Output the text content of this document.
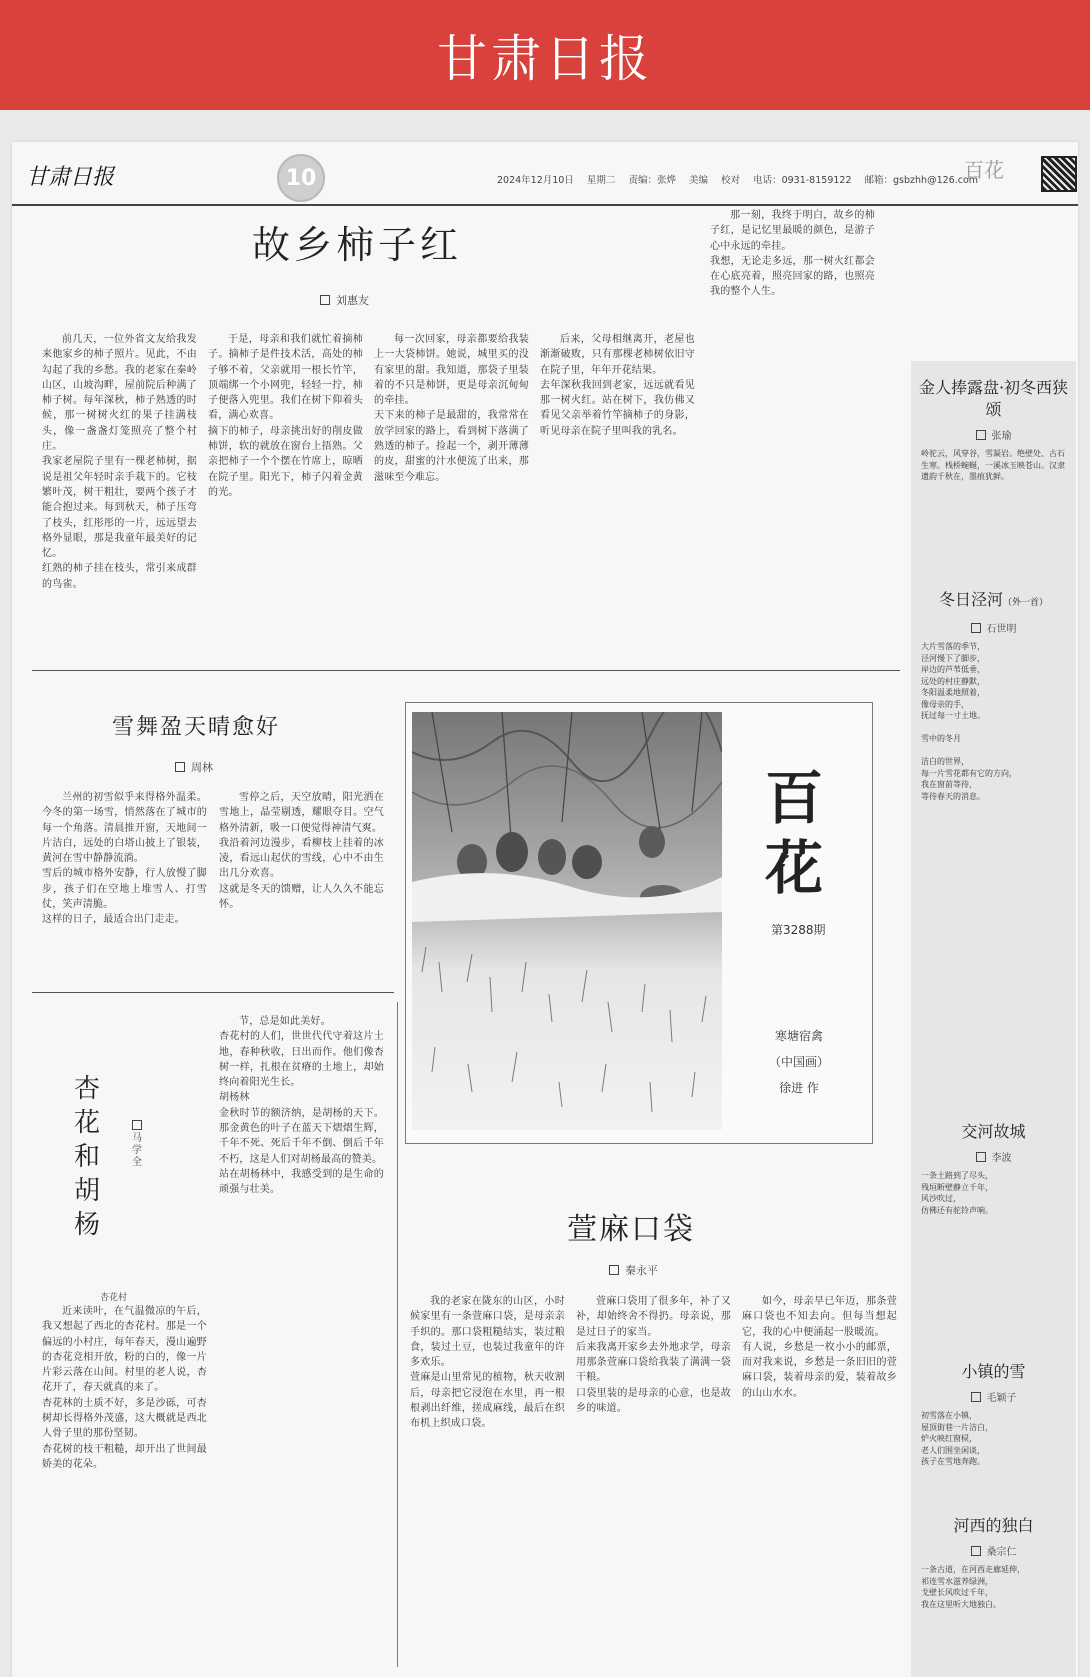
甘肃日报
甘肃日报	10	2024年12月10日 星期二 责编：张烨 美编 校对 电话：0931-8159122 邮箱：gsbzhh@126.com
百花
故乡柿子红
刘惠友

前几天，一位外省文友给我发来他家乡的柿子照片。见此，不由勾起了我的乡愁。我的老家在秦岭山区，山坡沟畔，屋前院后种满了柿子树。每年深秋，柿子熟透的时候，那一树树火红的果子挂满枝头，像一盏盏灯笼照亮了整个村庄。
我家老屋院子里有一棵老柿树，据说是祖父年轻时亲手栽下的。它枝繁叶茂，树干粗壮，要两个孩子才能合抱过来。每到秋天，柿子压弯了枝头，红彤彤的一片，远远望去格外显眼，那是我童年最美好的记忆。
红熟的柿子挂在枝头，常引来成群的鸟雀。

于是，母亲和我们就忙着摘柿子。摘柿子是件技术活，高处的柿子够不着，父亲就用一根长竹竿，顶端绑一个小网兜，轻轻一拧，柿子便落入兜里。我们在树下仰着头看，满心欢喜。
摘下的柿子，母亲挑出好的削皮做柿饼，软的就放在窗台上捂熟。父亲把柿子一个个摆在竹席上，晾晒在院子里。阳光下，柿子闪着金黄的光。

每一次回家，母亲都要给我装上一大袋柿饼。她说，城里买的没有家里的甜。我知道，那袋子里装着的不只是柿饼，更是母亲沉甸甸的牵挂。
天下来的柿子是最甜的，我常常在放学回家的路上，看到树下落满了熟透的柿子。捡起一个，剥开薄薄的皮，甜蜜的汁水便流了出来，那滋味至今难忘。

后来，父母相继离开，老屋也渐渐破败，只有那棵老柿树依旧守在院子里，年年开花结果。
去年深秋我回到老家，远远就看见那一树火红。站在树下，我仿佛又看见父亲举着竹竿摘柿子的身影，听见母亲在院子里叫我的乳名。

那一刻，我终于明白，故乡的柿子红，是记忆里最暖的颜色，是游子心中永远的牵挂。
我想，无论走多远，那一树火红都会在心底亮着，照亮回家的路，也照亮我的整个人生。

雪舞盈天晴愈好
周林

兰州的初雪似乎来得格外温柔。今冬的第一场雪，悄然落在了城市的每一个角落。清晨推开窗，天地间一片洁白，远处的白塔山披上了银装，黄河在雪中静静流淌。
雪后的城市格外安静，行人放慢了脚步，孩子们在空地上堆雪人、打雪仗，笑声清脆。
这样的日子，最适合出门走走。

雪停之后，天空放晴，阳光洒在雪地上，晶莹剔透，耀眼夺目。空气格外清新，吸一口便觉得神清气爽。
我沿着河边漫步，看柳枝上挂着的冰凌，看远山起伏的雪线，心中不由生出几分欢喜。
这就是冬天的馈赠，让人久久不能忘怀。

百花
第3288期
寒塘宿禽
（中国画）
徐进 作
杏花和胡杨
马学全
杏花村

近来读叶，在气温微凉的午后，我又想起了西北的杏花村。那是一个偏远的小村庄，每年春天，漫山遍野的杏花竞相开放，粉的白的，像一片片彩云落在山间。村里的老人说，杏花开了，春天就真的来了。
杏花林的土质不好，多是沙砾，可杏树却长得格外茂盛，这大概就是西北人骨子里的那份坚韧。
杏花树的枝干粗糙，却开出了世间最娇美的花朵。

节，总是如此美好。
杏花村的人们，世世代代守着这片土地，春种秋收，日出而作。他们像杏树一样，扎根在贫瘠的土地上，却始终向着阳光生长。
胡杨林
金秋时节的额济纳，是胡杨的天下。那金黄色的叶子在蓝天下熠熠生辉，千年不死、死后千年不倒、倒后千年不朽，这是人们对胡杨最高的赞美。
站在胡杨林中，我感受到的是生命的顽强与壮美。

萱麻口袋
秦永平

我的老家在陇东的山区，小时候家里有一条萱麻口袋，是母亲亲手织的。那口袋粗糙结实，装过粮食，装过土豆，也装过我童年的许多欢乐。
萱麻是山里常见的植物，秋天收割后，母亲把它浸泡在水里，再一根根剥出纤维，搓成麻线，最后在织布机上织成口袋。

萱麻口袋用了很多年，补了又补，却始终舍不得扔。母亲说，那是过日子的家当。
后来我离开家乡去外地求学，母亲用那条萱麻口袋给我装了满满一袋干粮。
口袋里装的是母亲的心意，也是故乡的味道。

如今，母亲早已年迈，那条萱麻口袋也不知去向。但每当想起它，我的心中便涌起一股暖流。
有人说，乡愁是一枚小小的邮票，而对我来说，乡愁是一条旧旧的萱麻口袋，装着母亲的爱，装着故乡的山山水水。

金人捧露盘·初冬西狭颂
张瑜
岭驼云，风穿谷，雪凝岩。绝壁处、古石生寒。栈桥蜿蜒，一溪冰玉映苍山。汉隶遗韵千秋在，墨痕犹鲜。
冬日泾河（外一首）
石世明
大片雪落的季节，
泾河慢下了脚步，
岸边的芦苇低垂，
远处的村庄静默，
冬阳温柔地照着，
像母亲的手，
抚过每一寸土地。

雪中的冬月

洁白的世界，
每一片雪花都有它的方向，
我在窗前等待，
等待春天的消息。
交河故城
李波
一条土路到了尽头，
残垣断壁静立千年，
风沙吹过，
仿佛还有驼铃声响。
小镇的雪
毛颖子
初雪落在小镇，
屋顶街巷一片洁白，
炉火映红窗棂，
老人们围坐闲谈，
孩子在雪地奔跑。
河西的独白
桑宗仁
一条古道，在河西走廊延伸，
祁连雪水滋养绿洲，
戈壁长风吹过千年，
我在这里听大地独白。
